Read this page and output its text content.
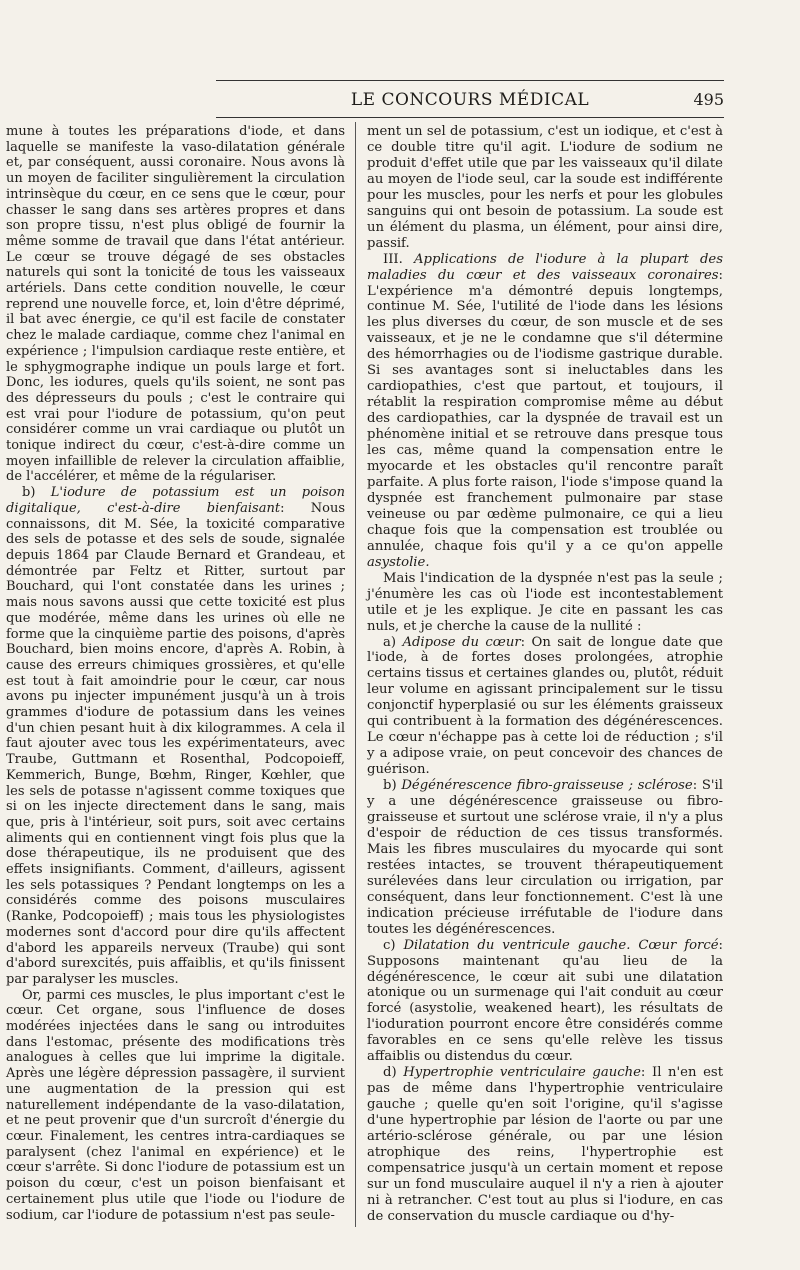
LE CONCOURS MÉDICAL	495

mune à toutes les préparations d'iode, et dans laquelle se manifeste la vaso-dilatation générale et, par conséquent, aussi coronaire. Nous avons là un moyen de faciliter singulièrement la circulation intrinsèque du cœur, en ce sens que le cœur, pour chasser le sang dans ses artères propres et dans son propre tissu, n'est plus obligé de fournir la même somme de travail que dans l'état antérieur. Le cœur se trouve dégagé de ses obstacles naturels qui sont la tonicité de tous les vaisseaux artériels. Dans cette condition nouvelle, le cœur reprend une nouvelle force, et, loin d'être déprimé, il bat avec énergie, ce qu'il est facile de constater chez le malade cardiaque, comme chez l'animal en expérience ; l'impulsion cardiaque reste entière, et le sphygmographe indique un pouls large et fort. Donc, les iodures, quels qu'ils soient, ne sont pas des dépresseurs du pouls ; c'est le contraire qui est vrai pour l'iodure de potassium, qu'on peut considérer comme un vrai cardiaque ou plutôt un tonique indirect du cœur, c'est-à-dire comme un moyen infaillible de relever la circulation affaiblie, de l'accélérer, et même de la régulariser.

b) L'iodure de potassium est un poison digitalique, c'est-à-dire bienfaisant: Nous connaissons, dit M. Sée, la toxicité comparative des sels de potasse et des sels de soude, signalée depuis 1864 par Claude Bernard et Grandeau, et démontrée par Feltz et Ritter, surtout par Bouchard, qui l'ont constatée dans les urines ; mais nous savons aussi que cette toxicité est plus que modérée, même dans les urines où elle ne forme que la cinquième partie des poisons, d'après Bouchard, bien moins encore, d'après A. Robin, à cause des erreurs chimiques grossières, et qu'elle est tout à fait amoindrie pour le cœur, car nous avons pu injecter impunément jusqu'à un à trois grammes d'iodure de potassium dans les veines d'un chien pesant huit à dix kilogrammes. A cela il faut ajouter avec tous les expérimentateurs, avec Traube, Guttmann et Rosenthal, Podcopoieff, Kemmerich, Bunge, Bœhm, Ringer, Kœhler, que les sels de potasse n'agissent comme toxiques que si on les injecte directement dans le sang, mais que, pris à l'intérieur, soit purs, soit avec certains aliments qui en contiennent vingt fois plus que la dose thérapeutique, ils ne produisent que des effets insignifiants. Comment, d'ailleurs, agissent les sels potassiques ? Pendant longtemps on les a considérés comme des poisons musculaires (Ranke, Podcopoieff) ; mais tous les physiologistes modernes sont d'accord pour dire qu'ils affectent d'abord les appareils nerveux (Traube) qui sont d'abord surexcités, puis affaiblis, et qu'ils finissent par paralyser les muscles.

Or, parmi ces muscles, le plus important c'est le cœur. Cet organe, sous l'influence de doses modérées injectées dans le sang ou introduites dans l'estomac, présente des modifications très analogues à celles que lui imprime la digitale. Après une légère dépression passagère, il survient une augmentation de la pression qui est naturellement indépendante de la vaso-dilatation, et ne peut provenir que d'un surcroît d'énergie du cœur. Finalement, les centres intra-cardiaques se paralysent (chez l'animal en expérience) et le cœur s'arrête. Si donc l'iodure de potassium est un poison du cœur, c'est un poison bienfaisant et certainement plus utile que l'iode ou l'iodure de sodium, car l'iodure de potassium n'est pas seule-

ment un sel de potassium, c'est un iodique, et c'est à ce double titre qu'il agit. L'iodure de sodium ne produit d'effet utile que par les vaisseaux qu'il dilate au moyen de l'iode seul, car la soude est indifférente pour les muscles, pour les nerfs et pour les globules sanguins qui ont besoin de potassium. La soude est un élément du plasma, un élément, pour ainsi dire, passif.

III. Applications de l'iodure à la plupart des maladies du cœur et des vaisseaux coronaires: L'expérience m'a démontré depuis longtemps, continue M. Sée, l'utilité de l'iode dans les lésions les plus diverses du cœur, de son muscle et de ses vaisseaux, et je ne le condamne que s'il détermine des hémorrhagies ou de l'iodisme gastrique durable. Si ses avantages sont si ineluctables dans les cardiopathies, c'est que partout, et toujours, il rétablit la respiration compromise même au début des cardiopathies, car la dyspnée de travail est un phénomène initial et se retrouve dans presque tous les cas, même quand la compensation entre le myocarde et les obstacles qu'il rencontre paraît parfaite. A plus forte raison, l'iode s'impose quand la dyspnée est franchement pulmonaire par stase veineuse ou par œdème pulmonaire, ce qui a lieu chaque fois que la compensation est troublée ou annulée, chaque fois qu'il y a ce qu'on appelle asystolie.

Mais l'indication de la dyspnée n'est pas la seule ; j'énumère les cas où l'iode est incontestablement utile et je les explique. Je cite en passant les cas nuls, et je cherche la cause de la nullité :

a) Adipose du cœur: On sait de longue date que l'iode, à de fortes doses prolongées, atrophie certains tissus et certaines glandes ou, plutôt, réduit leur volume en agissant principalement sur le tissu conjonctif hyperplasié ou sur les éléments graisseux qui contribuent à la formation des dégénérescences. Le cœur n'échappe pas à cette loi de réduction ; s'il y a adipose vraie, on peut concevoir des chances de guérison.

b) Dégénérescence fibro-graisseuse ; sclérose: S'il y a une dégénérescence graisseuse ou fibro-graisseuse et surtout une sclérose vraie, il n'y a plus d'espoir de réduction de ces tissus transformés. Mais les fibres musculaires du myocarde qui sont restées intactes, se trouvent thérapeutiquement surélevées dans leur circulation ou irrigation, par conséquent, dans leur fonctionnement. C'est là une indication précieuse irréfutable de l'iodure dans toutes les dégénérescences.

c) Dilatation du ventricule gauche. Cœur forcé: Supposons maintenant qu'au lieu de la dégénérescence, le cœur ait subi une dilatation atonique ou un surmenage qui l'ait conduit au cœur forcé (asystolie, weakened heart), les résultats de l'ioduration pourront encore être considérés comme favorables en ce sens qu'elle relève les tissus affaiblis ou distendus du cœur.

d) Hypertrophie ventriculaire gauche: Il n'en est pas de même dans l'hypertrophie ventriculaire gauche ; quelle qu'en soit l'origine, qu'il s'agisse d'une hypertrophie par lésion de l'aorte ou par une artério-sclérose générale, ou par une lésion atrophique des reins, l'hypertrophie est compensatrice jusqu'à un certain moment et repose sur un fond musculaire auquel il n'y a rien à ajouter ni à retrancher. C'est tout au plus si l'iodure, en cas de conservation du muscle cardiaque ou d'hy-
